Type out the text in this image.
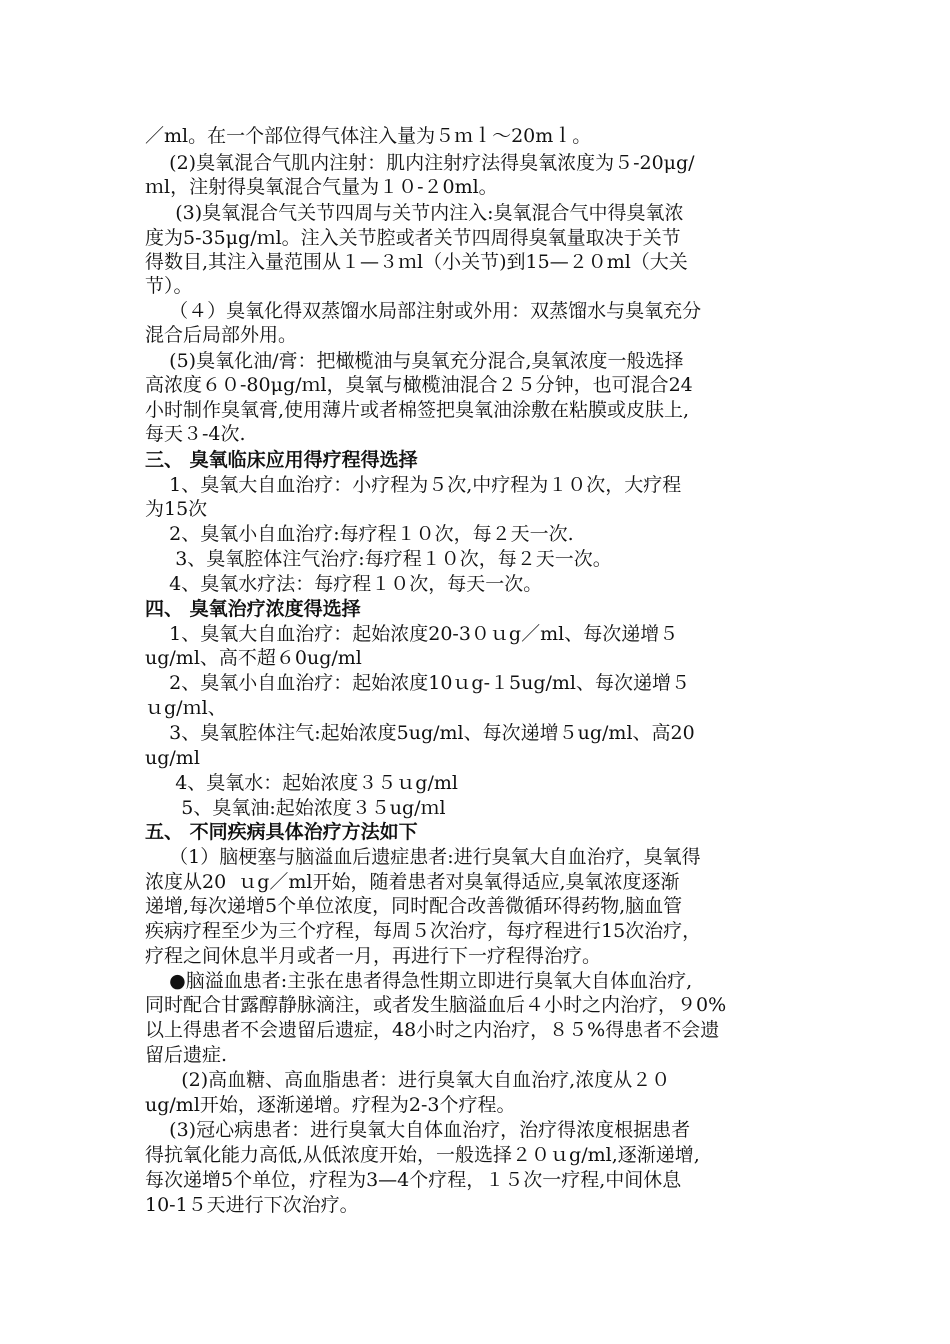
／ml。在一个部位得气体注入量为５ｍｌ～20mｌ。
(2)臭氧混合气肌内注射：肌内注射疗法得臭氧浓度为５-20μg/
ｍl，注射得臭氧混合气量为１０-２0ml。
(3)臭氧混合气关节四周与关节内注入:臭氧混合气中得臭氧浓
度为5-35μg/ｍl。注入关节腔或者关节四周得臭氧量取决于关节
得数目,其注入量范围从１—３ｍl（小关节)到15—２０ml（大关
节）。
（４）臭氧化得双蒸馏水局部注射或外用：双蒸馏水与臭氧充分
混合后局部外用。
(5)臭氧化油/膏：把橄榄油与臭氧充分混合,臭氧浓度一般选择
高浓度６０-80μg/ｍl，臭氧与橄榄油混合２５分钟，也可混合24
小时制作臭氧膏,使用薄片或者棉签把臭氧油涂敷在粘膜或皮肤上,
每天３-4次.
三、 臭氧临床应用得疗程得选择
1、臭氧大自血治疗：小疗程为５次,中疗程为１０次，大疗程
为15次
2、臭氧小自血治疗:每疗程１０次，每２天一次.
3、臭氧腔体注气治疗:每疗程１０次，每２天一次。
4、臭氧水疗法：每疗程１０次，每天一次。
四、 臭氧治疗浓度得选择
1、臭氧大自血治疗：起始浓度20-3０ｕg／ml、每次递增５
ug/ml、高不超６0ug/ml
2、臭氧小自血治疗：起始浓度10ｕg-１5ug/ml、每次递增５
ｕg/ｍl、
3、臭氧腔体注气:起始浓度5ug/ml、每次递增５ug/ml、高20
ug/ml
4、臭氧水：起始浓度３５ｕg/ml
5、臭氧油:起始浓度３５ug/ｍl
五、 不同疾病具体治疗方法如下
（1）脑梗塞与脑溢血后遗症患者:进行臭氧大自血治疗，臭氧得
浓度从20  ｕg／ml开始，随着患者对臭氧得适应,臭氧浓度逐渐
递增,每次递增5个单位浓度，同时配合改善微循环得药物,脑血管
疾病疗程至少为三个疗程，每周５次治疗，每疗程进行15次治疗，
疗程之间休息半月或者一月，再进行下一疗程得治疗。
●脑溢血患者:主张在患者得急性期立即进行臭氧大自体血治疗,
同时配合甘露醇静脉滴注，或者发生脑溢血后４小时之内治疗，９0%
以上得患者不会遗留后遗症，48小时之内治疗，８５%得患者不会遗
留后遗症.
(2)高血糖、高血脂患者：进行臭氧大自血治疗,浓度从２０
ug/ml开始，逐渐递增。疗程为2-3个疗程。
(3)冠心病患者：进行臭氧大自体血治疗，治疗得浓度根据患者
得抗氧化能力高低,从低浓度开始，一般选择２０ｕg/ml,逐渐递增,
每次递增5个单位，疗程为3—4个疗程，１５次一疗程,中间休息
10-1５天进行下次治疗。
